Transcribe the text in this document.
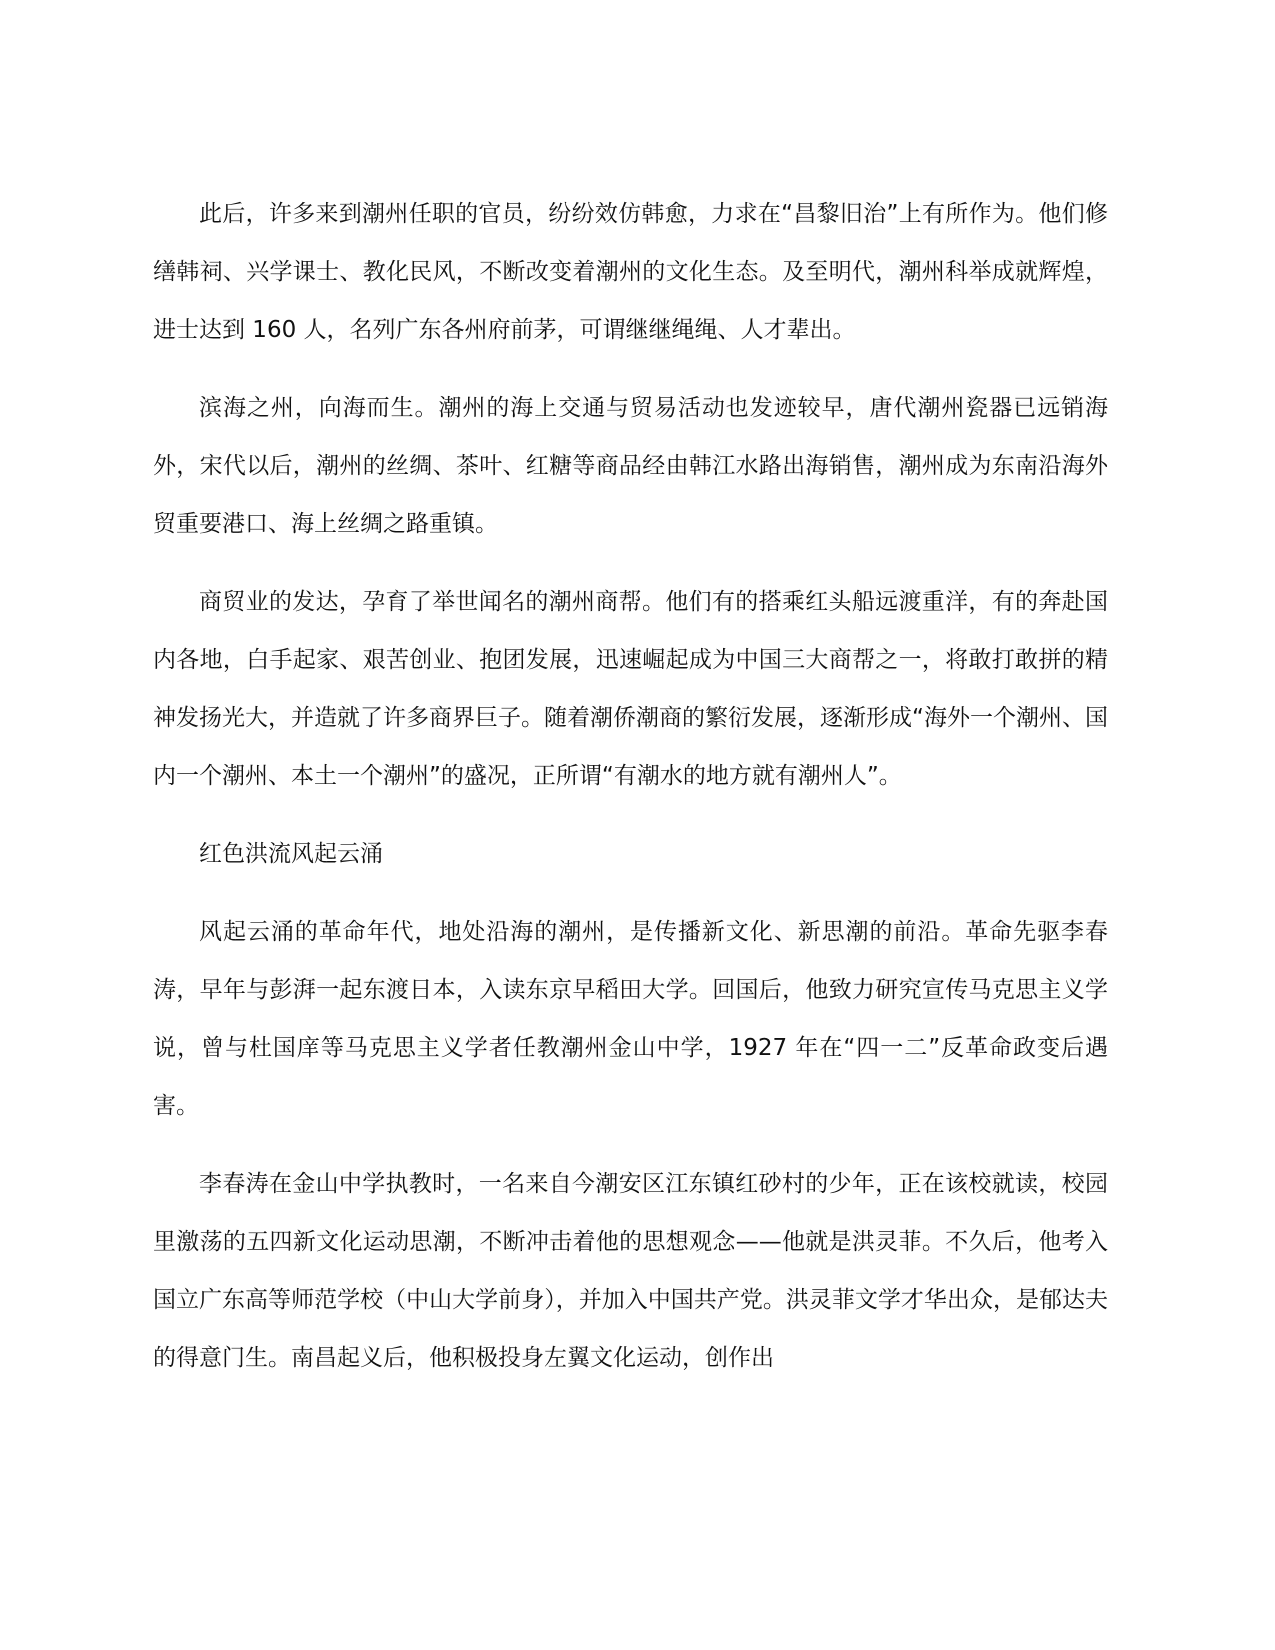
此后，许多来到潮州任职的官员，纷纷效仿韩愈，力求在“昌黎旧治”上有所作为。他们修缮韩祠、兴学课士、教化民风，不断改变着潮州的文化生态。及至明代，潮州科举成就辉煌，进士达到 160 人，名列广东各州府前茅，可谓继继绳绳、人才辈出。

滨海之州，向海而生。潮州的海上交通与贸易活动也发迹较早，唐代潮州瓷器已远销海外，宋代以后，潮州的丝绸、茶叶、红糖等商品经由韩江水路出海销售，潮州成为东南沿海外贸重要港口、海上丝绸之路重镇。

商贸业的发达，孕育了举世闻名的潮州商帮。他们有的搭乘红头船远渡重洋，有的奔赴国内各地，白手起家、艰苦创业、抱团发展，迅速崛起成为中国三大商帮之一，将敢打敢拼的精神发扬光大，并造就了许多商界巨子。随着潮侨潮商的繁衍发展，逐渐形成“海外一个潮州、国内一个潮州、本土一个潮州”的盛况，正所谓“有潮水的地方就有潮州人”。

红色洪流风起云涌

风起云涌的革命年代，地处沿海的潮州，是传播新文化、新思潮的前沿。革命先驱李春涛，早年与彭湃一起东渡日本，入读东京早稻田大学。回国后，他致力研究宣传马克思主义学说，曾与杜国庠等马克思主义学者任教潮州金山中学，1927 年在“四一二”反革命政变后遇害。

李春涛在金山中学执教时，一名来自今潮安区江东镇红砂村的少年，正在该校就读，校园里激荡的五四新文化运动思潮，不断冲击着他的思想观念——他就是洪灵菲。不久后，他考入国立广东高等师范学校（中山大学前身），并加入中国共产党。洪灵菲文学才华出众，是郁达夫的得意门生。南昌起义后，他积极投身左翼文化运动，创作出
